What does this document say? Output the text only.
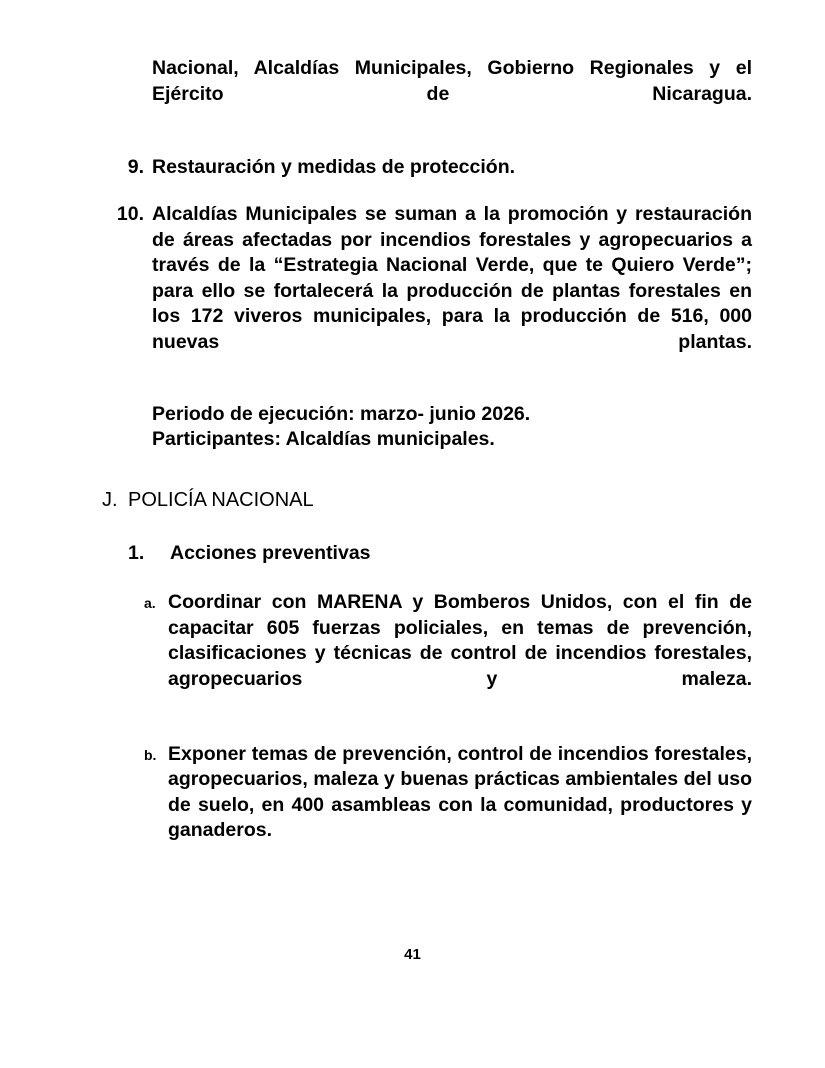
Nacional, Alcaldías Municipales, Gobierno Regionales y el Ejército de Nicaragua.

9. Restauración y medidas de protección.

10. Alcaldías Municipales se suman a la promoción y restauración de áreas afectadas por incendios forestales y agropecuarios a través de la “Estrategia Nacional Verde, que te Quiero Verde”; para ello se fortalecerá la producción de plantas forestales en los 172 viveros municipales, para la producción de 516, 000 nuevas plantas.

Periodo de ejecución: marzo- junio 2026.
Participantes: Alcaldías municipales.
J. POLICÍA NACIONAL
1.	Acciones preventivas
a. Coordinar con MARENA y Bomberos Unidos, con el fin de capacitar 605 fuerzas policiales, en temas de prevención, clasificaciones y técnicas de control de incendios forestales, agropecuarios y maleza.

b. Exponer temas de prevención, control de incendios forestales, agropecuarios, maleza y buenas prácticas ambientales del uso de suelo, en 400 asambleas con la comunidad, productores y ganaderos.

41
